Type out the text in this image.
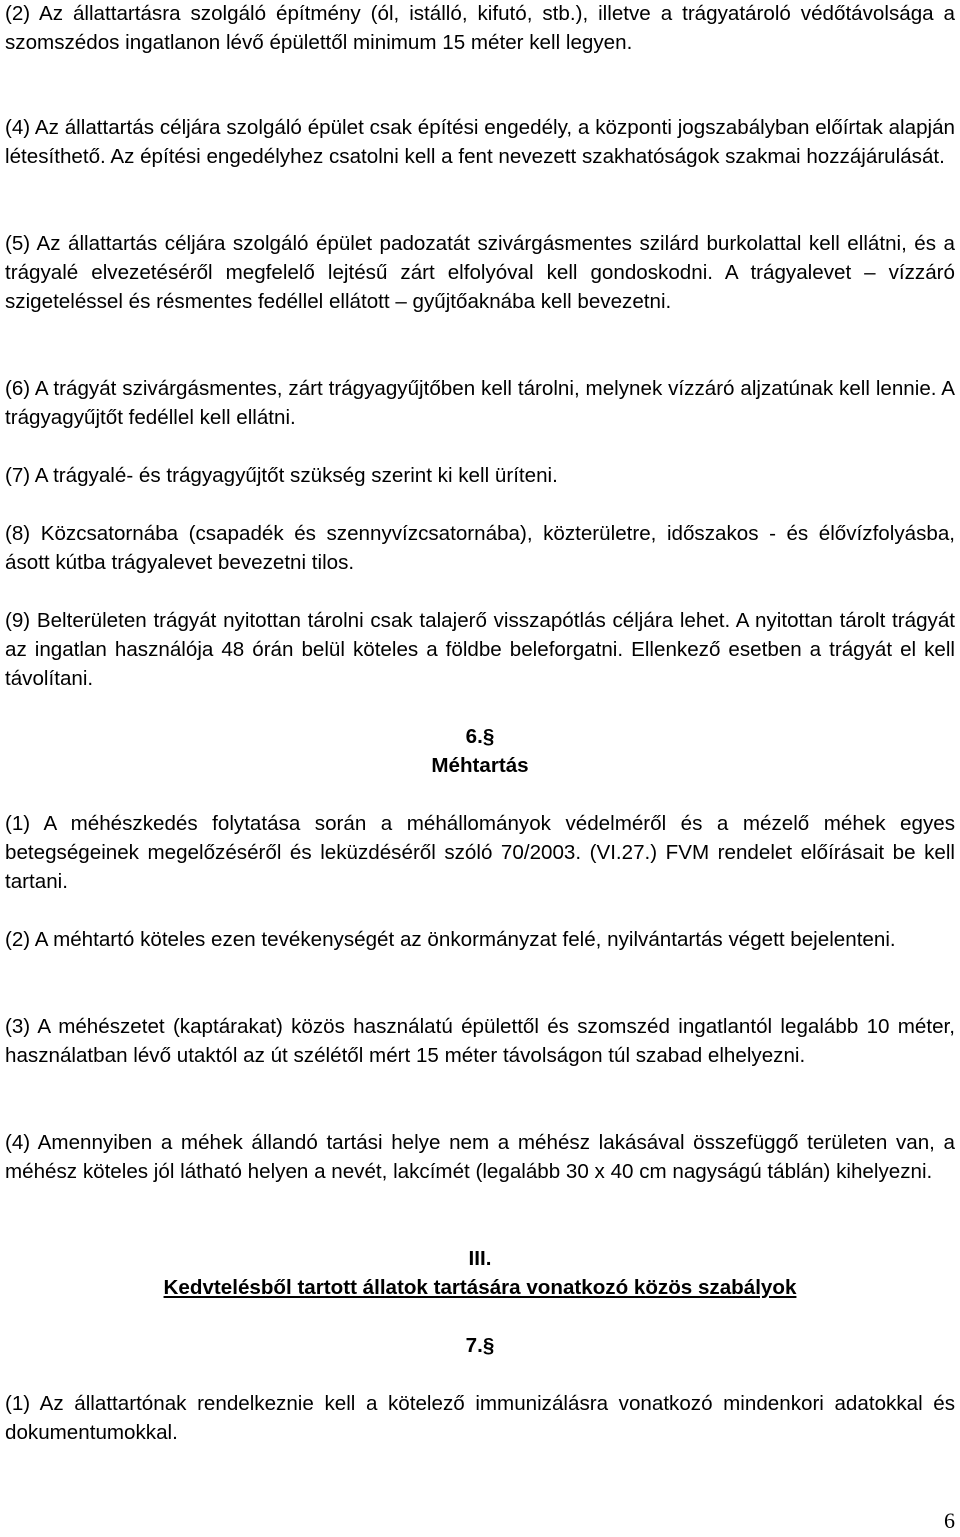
(2) Az állattartásra szolgáló építmény (ól, istálló, kifutó, stb.), illetve a trágyatároló védőtávolsága a szomszédos ingatlanon lévő épülettől minimum 15 méter kell legyen.

(4) Az állattartás céljára szolgáló épület csak építési engedély, a központi jogszabályban előírtak alapján létesíthető. Az építési engedélyhez csatolni kell a fent nevezett szakhatóságok szakmai hozzájárulását.

(5) Az állattartás céljára szolgáló épület padozatát szivárgásmentes szilárd burkolattal kell ellátni, és a trágyalé elvezetéséről megfelelő lejtésű zárt elfolyóval kell gondoskodni. A trágyalevet – vízzáró szigeteléssel és résmentes fedéllel ellátott – gyűjtőaknába kell bevezetni.

(6) A trágyát szivárgásmentes, zárt trágyagyűjtőben kell tárolni, melynek vízzáró aljzatúnak kell lennie. A trágyagyűjtőt fedéllel kell ellátni.

(7) A trágyalé- és trágyagyűjtőt szükség szerint ki kell üríteni.

(8) Közcsatornába (csapadék és szennyvízcsatornába), közterületre, időszakos - és élővízfolyásba, ásott kútba trágyalevet bevezetni tilos.

(9) Belterületen trágyát nyitottan tárolni csak talajerő visszapótlás céljára lehet. A nyitottan tárolt trágyát az ingatlan használója 48 órán belül köteles a földbe beleforgatni. Ellenkező esetben a trágyát el kell távolítani.

6.§
Méhtartás

(1) A méhészkedés folytatása során a méhállományok védelméről és a mézelő méhek egyes betegségeinek megelőzéséről és leküzdéséről szóló 70/2003. (VI.27.) FVM rendelet előírásait be kell tartani.

(2) A méhtartó köteles ezen tevékenységét az önkormányzat felé, nyilvántartás végett bejelenteni.

(3) A méhészetet (kaptárakat) közös használatú épülettől és szomszéd ingatlantól legalább 10 méter, használatban lévő utaktól az út szélétől mért 15 méter távolságon túl szabad elhelyezni.

(4) Amennyiben a méhek állandó tartási helye nem a méhész lakásával összefüggő területen van, a méhész köteles jól látható helyen a nevét, lakcímét (legalább 30 x 40 cm nagyságú táblán) kihelyezni.

III.
Kedvtelésből tartott állatok tartására vonatkozó közös szabályok
7.§

(1) Az állattartónak rendelkeznie kell a kötelező immunizálásra vonatkozó mindenkori adatokkal és dokumentumokkal.

6
